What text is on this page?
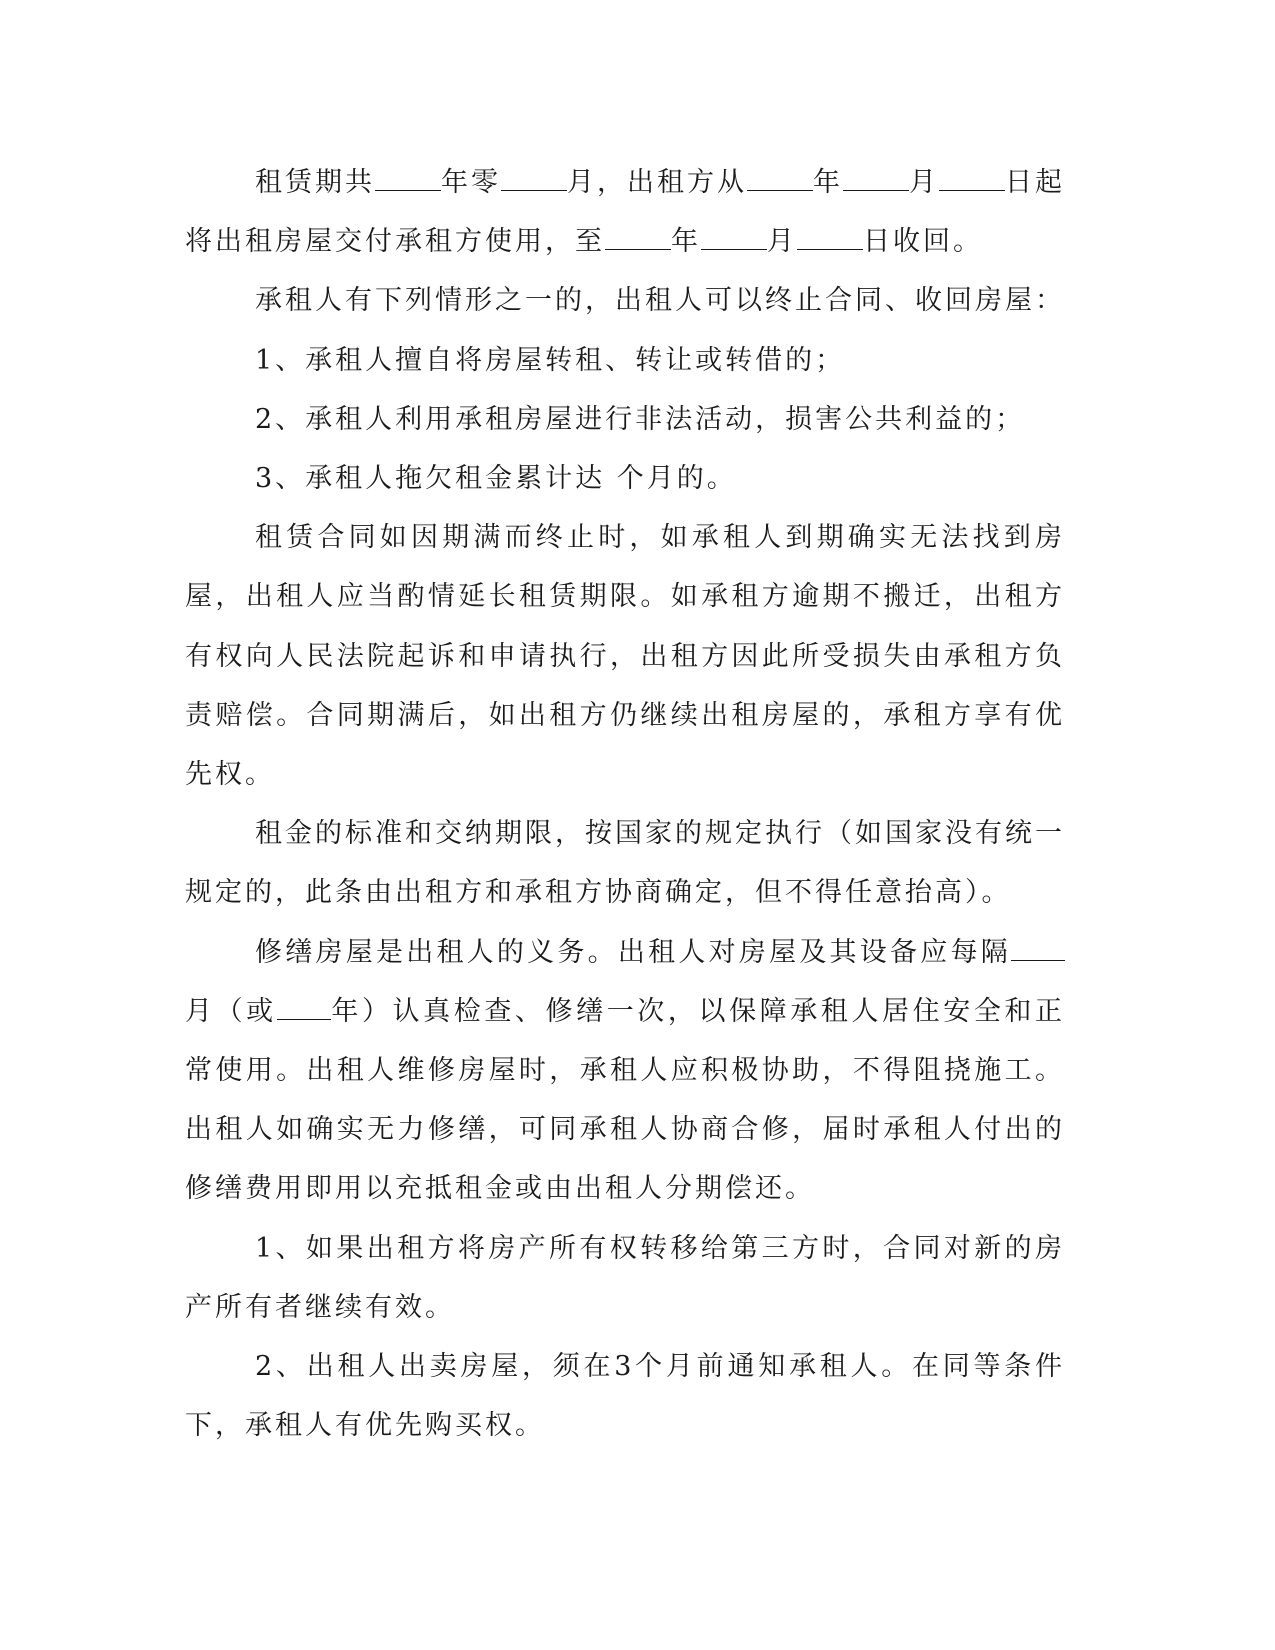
租赁期共 年零 月，出租方从 年 月 日起将出租房屋交付承租方使用，至 年 月 日收回。

承租人有下列情形之一的，出租人可以终止合同、收回房屋：

1、承租人擅自将房屋转租、转让或转借的；

2、承租人利用承租房屋进行非法活动，损害公共利益的；

3、承租人拖欠租金累计达 个月的。

租赁合同如因期满而终止时，如承租人到期确实无法找到房屋，出租人应当酌情延长租赁期限。如承租方逾期不搬迁，出租方有权向人民法院起诉和申请执行，出租方因此所受损失由承租方负责赔偿。合同期满后，如出租方仍继续出租房屋的，承租方享有优先权。

租金的标准和交纳期限，按国家的规定执行（如国家没有统一规定的，此条由出租方和承租方协商确定，但不得任意抬高）。

修缮房屋是出租人的义务。出租人对房屋及其设备应每隔月（或 年）认真检查、修缮一次，以保障承租人居住安全和正常使用。出租人维修房屋时，承租人应积极协助，不得阻挠施工。出租人如确实无力修缮，可同承租人协商合修，届时承租人付出的修缮费用即用以充抵租金或由出租人分期偿还。

1、如果出租方将房产所有权转移给第三方时，合同对新的房产所有者继续有效。

2、出租人出卖房屋，须在3个月前通知承租人。在同等条件下，承租人有优先购买权。
